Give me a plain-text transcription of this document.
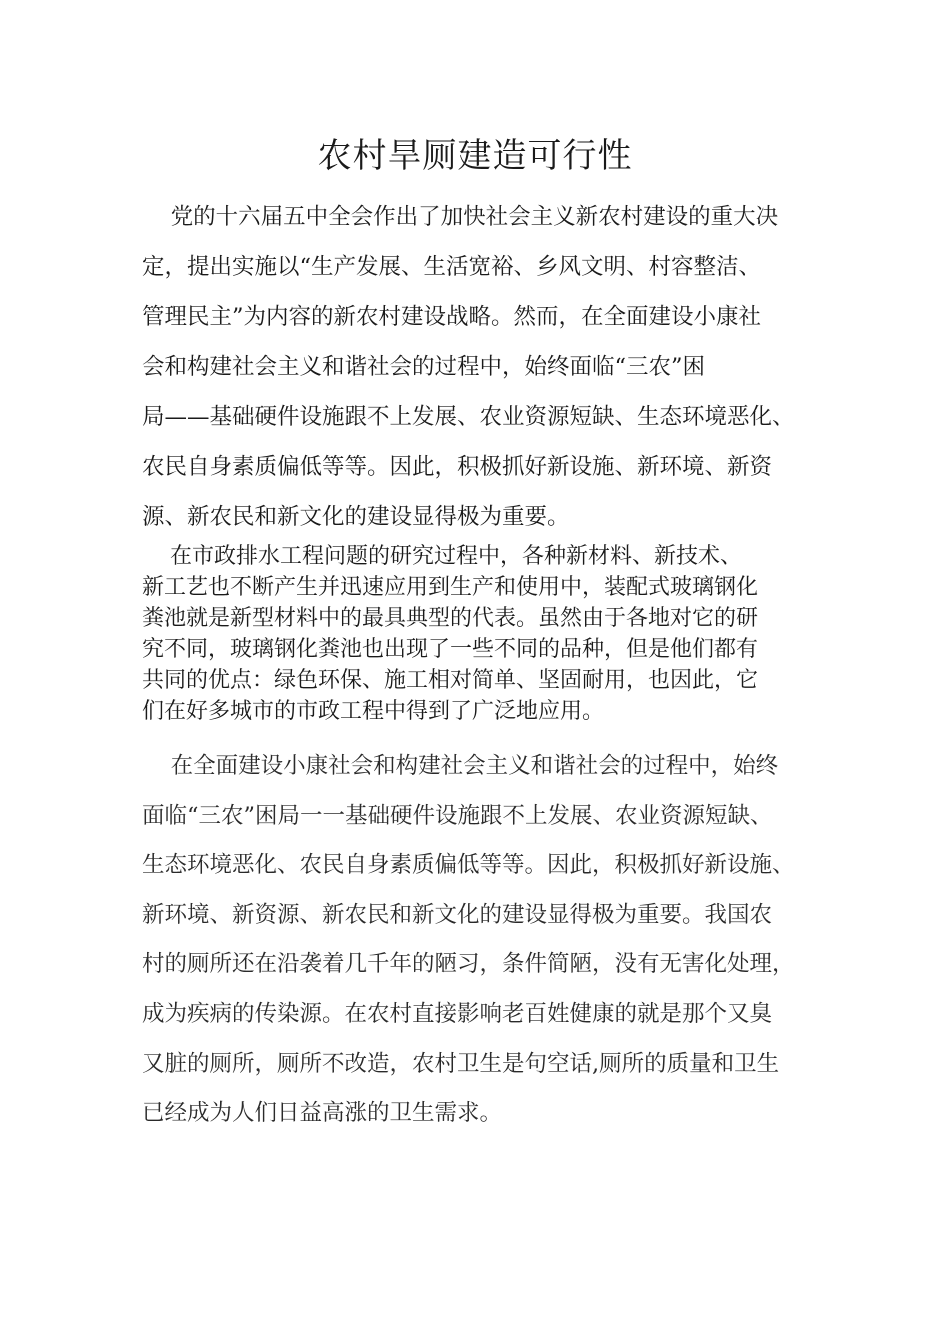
农村旱厕建造可行性
党的十六届五中全会作出了加快社会主义新农村建设的重大决
定，提出实施以“生产发展、生活宽裕、乡风文明、村容整洁、
管理民主”为内容的新农村建设战略。然而，在全面建设小康社
会和构建社会主义和谐社会的过程中，始终面临“三农”困
局——基础硬件设施跟不上发展、农业资源短缺、生态环境恶化、
农民自身素质偏低等等。因此，积极抓好新设施、新环境、新资
源、新农民和新文化的建设显得极为重要。
在市政排水工程问题的研究过程中，各种新材料、新技术、
新工艺也不断产生并迅速应用到生产和使用中，装配式玻璃钢化
粪池就是新型材料中的最具典型的代表。虽然由于各地对它的研
究不同，玻璃钢化粪池也出现了一些不同的品种，但是他们都有
共同的优点：绿色环保、施工相对简单、坚固耐用，也因此，它
们在好多城市的市政工程中得到了广泛地应用。
在全面建设小康社会和构建社会主义和谐社会的过程中，始终
面临“三农”困局一一基础硬件设施跟不上发展、农业资源短缺、
生态环境恶化、农民自身素质偏低等等。因此，积极抓好新设施、
新环境、新资源、新农民和新文化的建设显得极为重要。我国农
村的厕所还在沿袭着几千年的陋习，条件简陋，没有无害化处理，
成为疾病的传染源。在农村直接影响老百姓健康的就是那个又臭
又脏的厕所，厕所不改造，农村卫生是句空话,厕所的质量和卫生
已经成为人们日益高涨的卫生需求。
